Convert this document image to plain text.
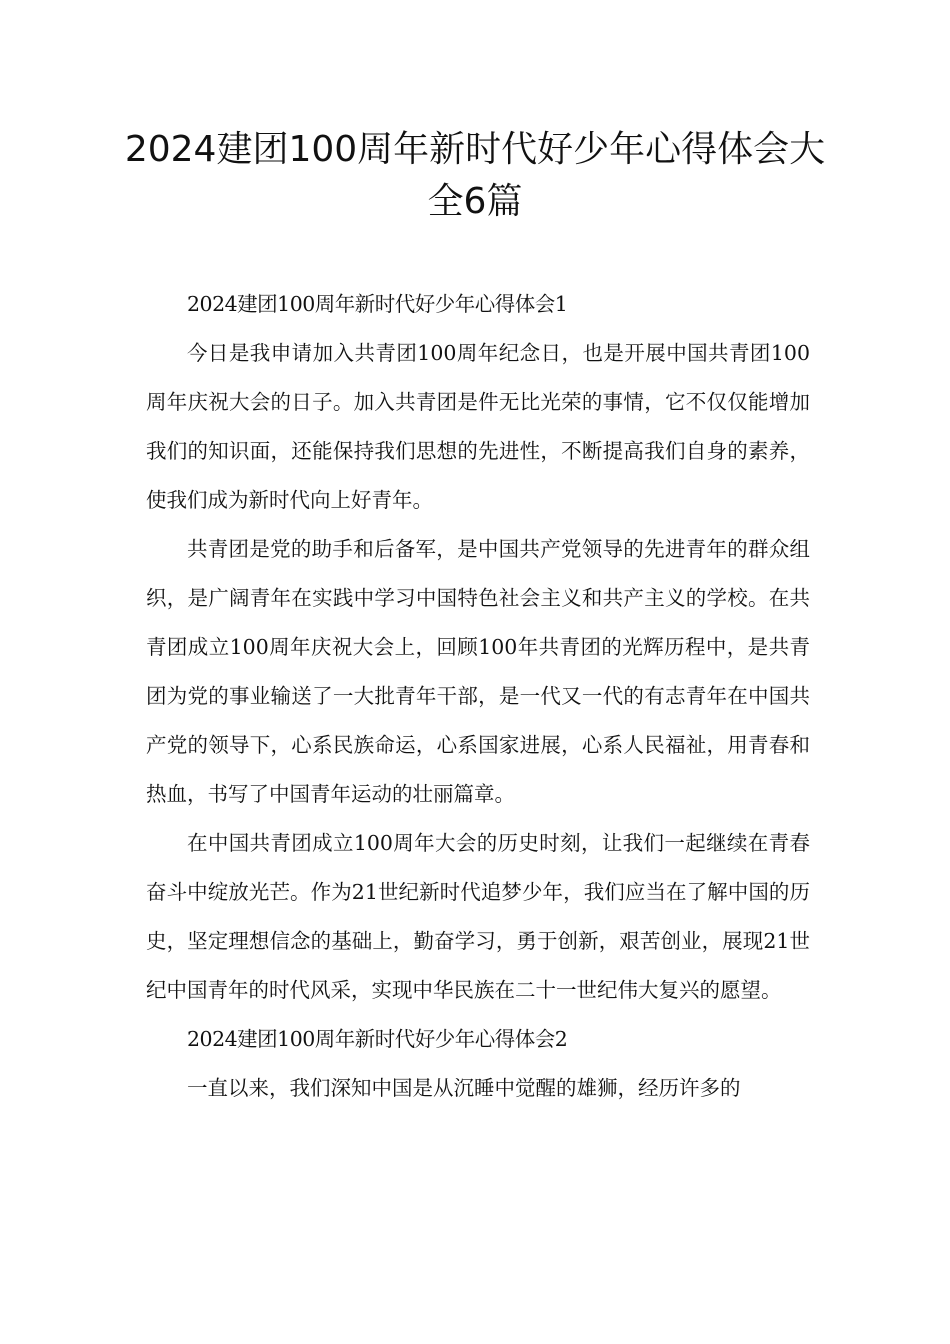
2024建团100周年新时代好少年心得体会大全6篇

2024建团100周年新时代好少年心得体会1

今日是我申请加入共青团100周年纪念日，也是开展中国共青团100周年庆祝大会的日子。加入共青团是件无比光荣的事情，它不仅仅能增加我们的知识面，还能保持我们思想的先进性，不断提高我们自身的素养，使我们成为新时代向上好青年。

共青团是党的助手和后备军，是中国共产党领导的先进青年的群众组织，是广阔青年在实践中学习中国特色社会主义和共产主义的学校。在共青团成立100周年庆祝大会上，回顾100年共青团的光辉历程中，是共青团为党的事业输送了一大批青年干部，是一代又一代的有志青年在中国共产党的领导下，心系民族命运，心系国家进展，心系人民福祉，用青春和热血，书写了中国青年运动的壮丽篇章。

在中国共青团成立100周年大会的历史时刻，让我们一起继续在青春奋斗中绽放光芒。作为21世纪新时代追梦少年，我们应当在了解中国的历史，坚定理想信念的基础上，勤奋学习，勇于创新，艰苦创业，展现21世纪中国青年的时代风采，实现中华民族在二十一世纪伟大复兴的愿望。

2024建团100周年新时代好少年心得体会2

一直以来，我们深知中国是从沉睡中觉醒的雄狮，经历许多的
